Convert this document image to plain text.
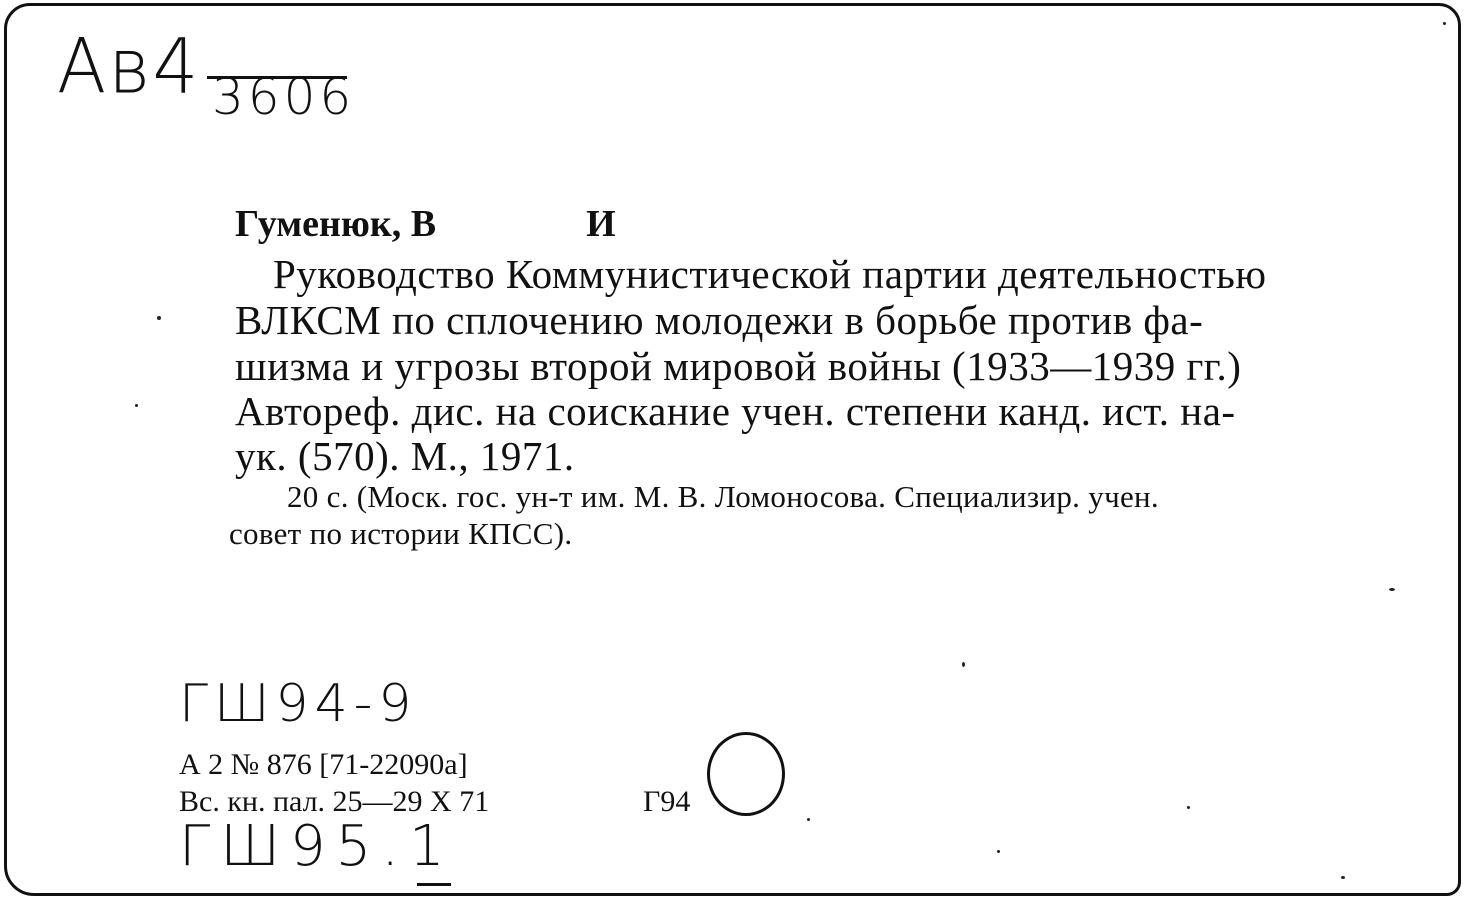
Ав4 3606
Гуменюк, В	И
Руководство Коммунистической партии деятельностью
ВЛКСМ по сплочению молодежи в борьбе против фа-
шизма и угрозы второй мировой войны (1933—1939 гг.)
Автореф. дис. на соискание учен. степени канд. ист. на-
ук. (570). М., 1971.
20 с. (Моск. гос. ун-т им. М. В. Ломоносова. Специализир. учен.
совет по истории КПСС).
ГШ94-9
А 2 № 876 [71-22090а]
Вс. кн. пал. 25—29 X 71	Г94
ГШ95.1
